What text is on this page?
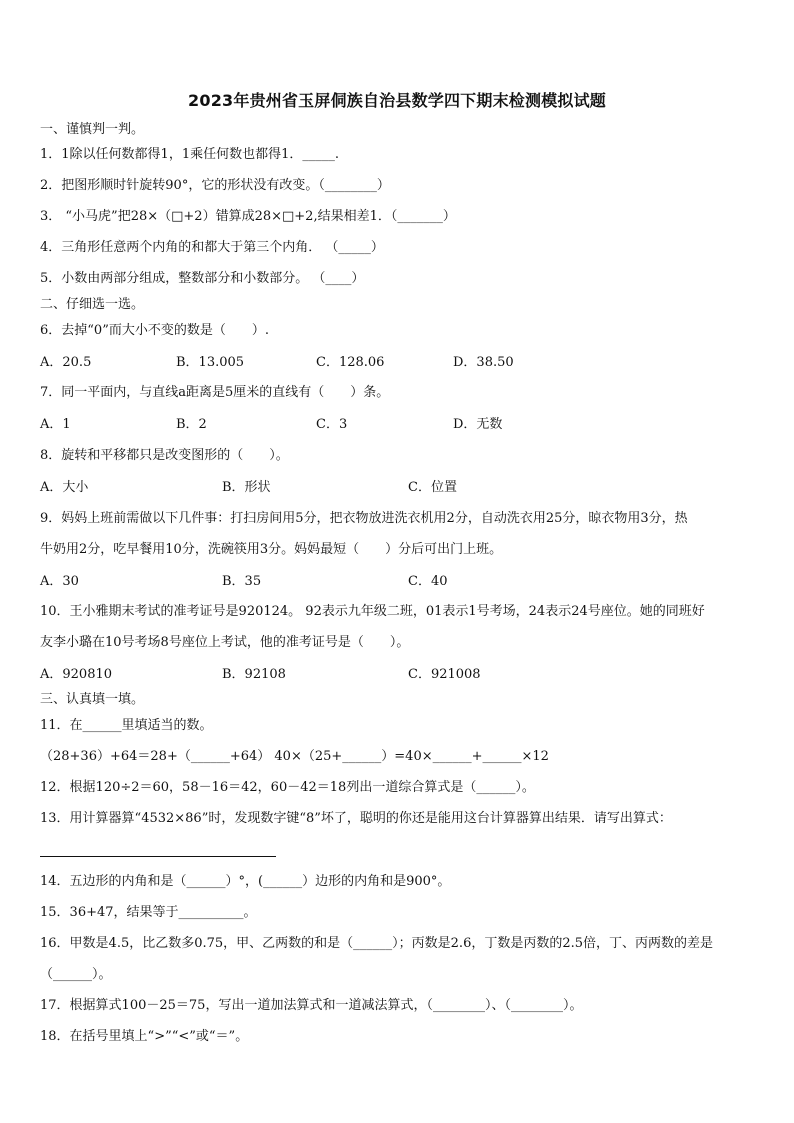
2023年贵州省玉屏侗族自治县数学四下期末检测模拟试题
一、谨慎判一判。
1．1除以任何数都得1，1乘任何数也都得1．_____.
2．把图形顺时针旋转90°，它的形状没有改变。（________）
3． “小马虎”把28×（□+2）错算成28×□+2,结果相差1．（_______）
4．三角形任意两个内角的和都大于第三个内角． （_____）
5．小数由两部分组成，整数部分和小数部分。 （____）
二、仔细选一选。
6．去掉“0”而大小不变的数是（　　）.
A．20.5	B．13.005	C．128.06	D．38.50
7．同一平面内，与直线a距离是5厘米的直线有（　　）条。
A．1	B．2	C．3	D．无数
8．旋转和平移都只是改变图形的（　　）。
A．大小	B．形状	C．位置
9．妈妈上班前需做以下几件事：打扫房间用5分，把衣物放进洗衣机用2分，自动洗衣用25分，晾衣物用3分，热
牛奶用2分，吃早餐用10分，洗碗筷用3分。妈妈最短（　　）分后可出门上班。
A．30	B．35	C．40
10．王小雅期末考试的准考证号是920124。 92表示九年级二班，01表示1号考场，24表示24号座位。她的同班好
友李小璐在10号考场8号座位上考试，他的准考证号是（　　）。
A．920810	B．92108	C．921008
三、认真填一填。
11．在______里填适当的数。
（28+36）+64＝28+（______+64） 40×（25+______）=40×______+______×12
12．根据120÷2＝60，58－16＝42，60－42＝18列出一道综合算式是（______）。
13．用计算器算“4532×86”时，发现数字键“8”坏了，聪明的你还是能用这台计算器算出结果．请写出算式：
14．五边形的内角和是（______）°，(______）边形的内角和是900°。
15．36+47，结果等于__________。
16．甲数是4.5，比乙数多0.75，甲、乙两数的和是（______）；丙数是2.6，丁数是丙数的2.5倍，丁、丙两数的差是
（______）。
17．根据算式100－25＝75，写出一道加法算式和一道减法算式，（________）、（________）。
18．在括号里填上“>”“<”或“＝”。
